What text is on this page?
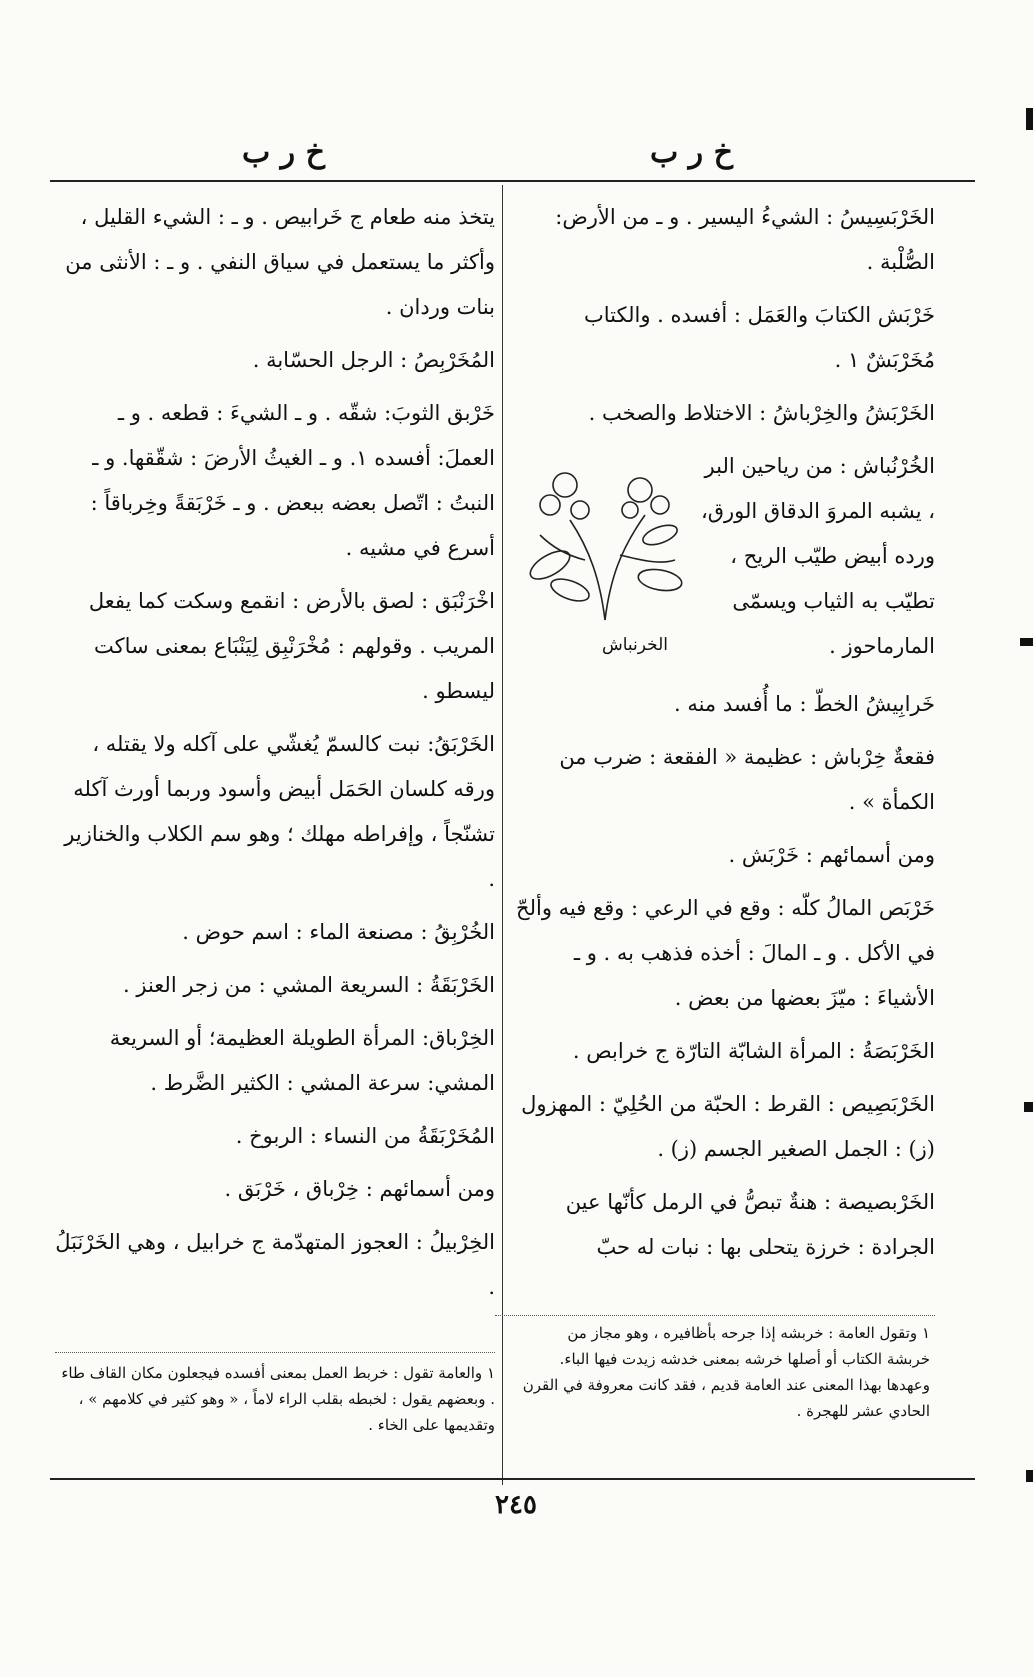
خ ر ب
خ ر ب

الخَرْبَسِيسُ : الشيءُ اليسير . و ـ من الأرض: الصُّلْبة .

خَرْبَش الكتابَ والعَمَل : أفسده . والكتاب مُخَرْبَشٌ ١ .

الخَرْبَشُ والخِرْباشُ : الاختلاط والصخب .

الخُرْنُباش : من رياحين البر ، يشبه المروَ الدقاق الورق، ورده أبيض طيّب الريح ، تطيّب به الثياب ويسمّى المارماحوز .

خَرابِيشُ الخطّ : ما أُفسد منه .

فقعةٌ خِرْباش : عظيمة « الفقعة : ضرب من الكمأة » .

ومن أسمائهم : خَرْبَش .

خَرْبَص المالُ كلّه : وقع في الرعي : وقع فيه وألحّ في الأكل . و ـ المالَ : أخذه فذهب به . و ـ الأشياءَ : ميّزَ بعضها من بعض .

الخَرْبَصَةُ : المرأة الشابّة التارّة ج خرابص .

الخَرْبَصِيص : القرط : الحبّة من الحُلِيّ : المهزول (ز) : الجمل الصغير الجسم (ز) .

الخَرْبصيصة : هنةٌ تبصُّ في الرمل كأنّها عين الجرادة : خرزة يتحلى بها : نبات له حبّ

الخرنباش

يتخذ منه طعام ج خَرابيص . و ـ : الشيء القليل ، وأكثر ما يستعمل في سياق النفي . و ـ : الأنثى من بنات وردان .

المُخَرْبِصُ : الرجل الحسّابة .

خَرْبق الثوبَ: شقّه . و ـ الشيءَ : قطعه . و ـ العملَ: أفسده ١. و ـ الغيثُ الأرضَ : شقّقها. و ـ النبتُ : اتّصل بعضه ببعض . و ـ خَرْبَقةً وخِرباقاً : أسرع في مشيه .

اخْرَنْبَق : لصق بالأرض : انقمع وسكت كما يفعل المريب . وقولهم : مُخْرَنْبِق لِيَنْبَاع بمعنى ساكت ليسطو .

الخَرْبَقُ: نبت كالسمّ يُغشّي على آكله ولا يقتله ، ورقه كلسان الحَمَل أبيض وأسود وربما أورث آكله تشنّجاً ، وإفراطه مهلك ؛ وهو سم الكلاب والخنازير .

الخُرْبِقُ : مصنعة الماء : اسم حوض .

الخَرْبَقَةُ : السريعة المشي : من زجر العنز .

الخِرْباق: المرأة الطويلة العظيمة؛ أو السريعة المشي: سرعة المشي : الكثير الضَّرط .

المُخَرْبَقَةُ من النساء : الربوخ .

ومن أسمائهم : خِرْباق ، خَرْبَق .

الخِرْبيلُ : العجوز المتهدّمة ج خرابيل ، وهي الخَرْنَبَلُ .

١ وتقول العامة : خربشه إذا جرحه بأظافيره ، وهو مجاز من خربشة الكتاب أو أصلها خرشه بمعنى خدشه زيدت فيها الباء. وعهدها بهذا المعنى عند العامة قديم ، فقد كانت معروفة في القرن الحادي عشر للهجرة .
١ والعامة تقول : خربط العمل بمعنى أفسده فيجعلون مكان القاف طاء . وبعضهم يقول : لخبطه بقلب الراء لاماً ، « وهو كثير في كلامهم » ، وتقديمها على الخاء .
٢٤٥
